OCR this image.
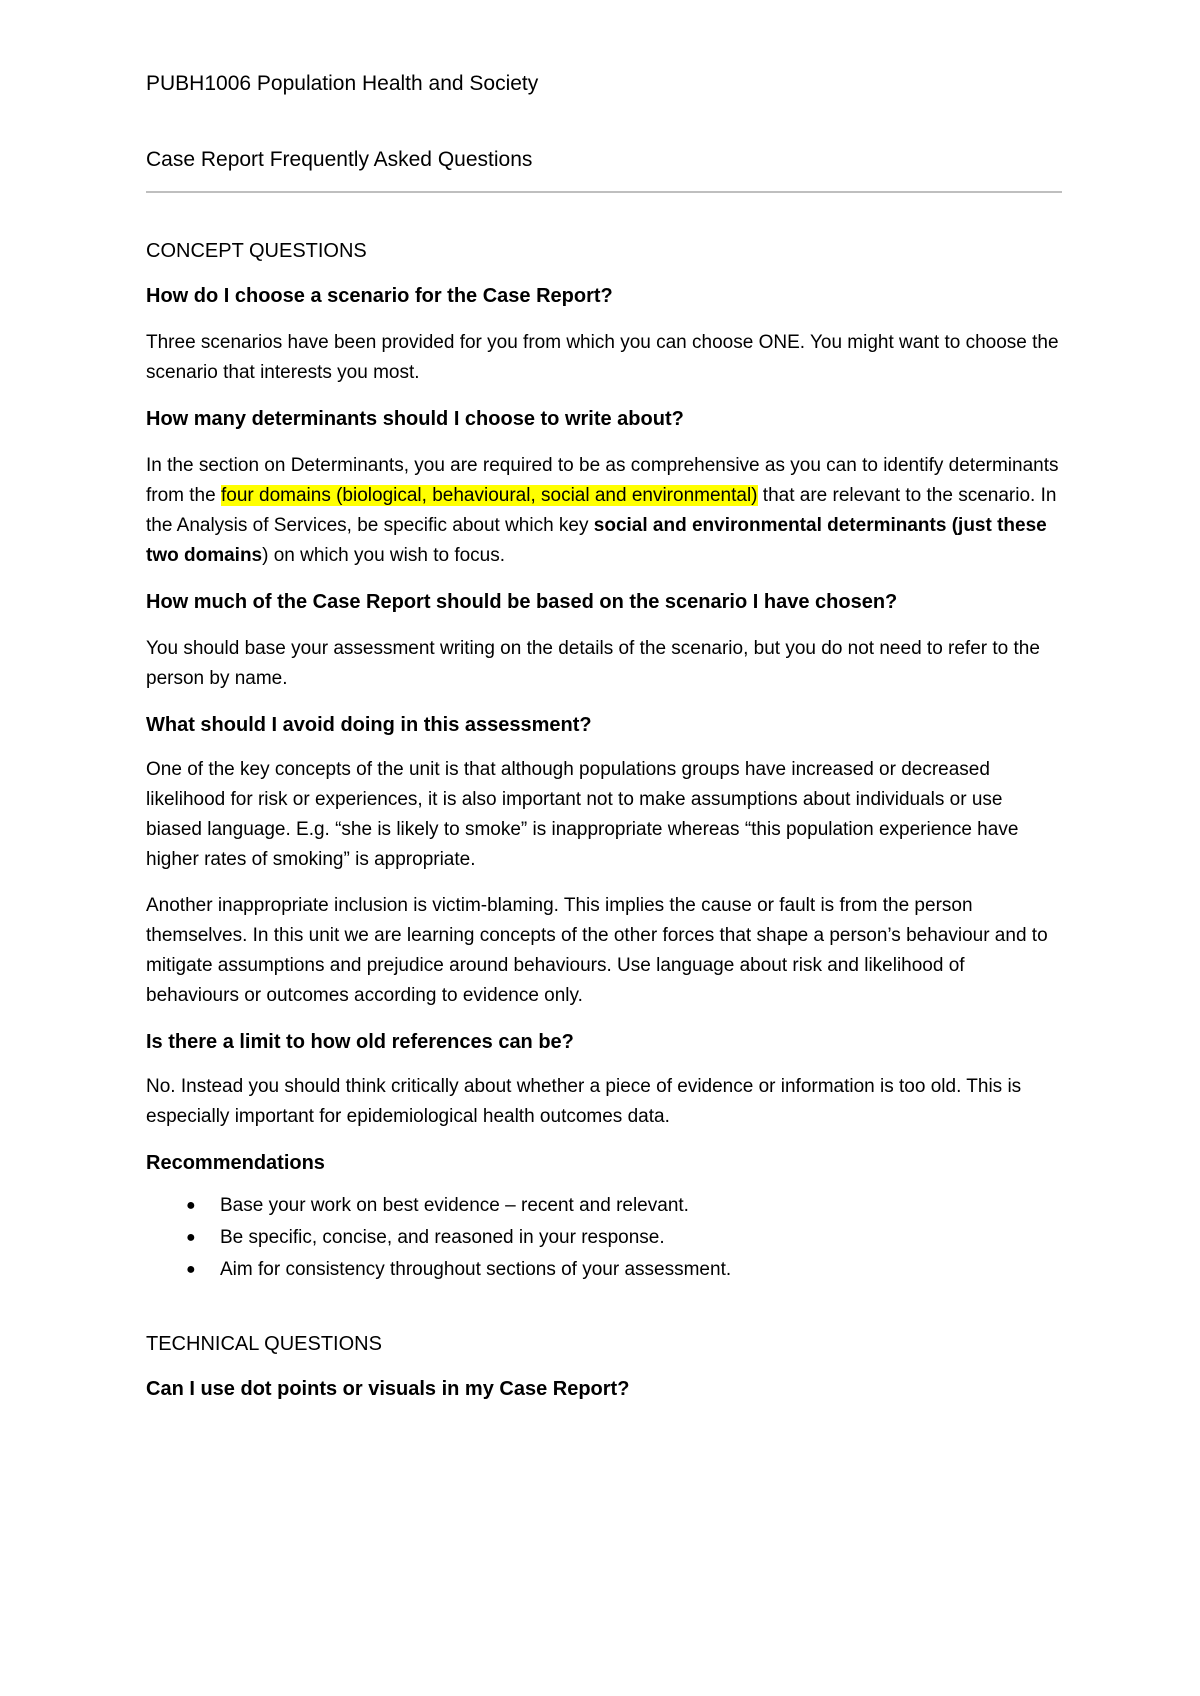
PUBH1006 Population Health and Society

Case Report Frequently Asked Questions

CONCEPT QUESTIONS

How do I choose a scenario for the Case Report?

Three scenarios have been provided for you from which you can choose ONE. You might want to choose the scenario that interests you most.

How many determinants should I choose to write about?

In the section on Determinants, you are required to be as comprehensive as you can to identify determinants from the four domains (biological, behavioural, social and environmental) that are relevant to the scenario. In the Analysis of Services, be specific about which key social and environmental determinants (just these two domains) on which you wish to focus.

How much of the Case Report should be based on the scenario I have chosen?

You should base your assessment writing on the details of the scenario, but you do not need to refer to the person by name.

What should I avoid doing in this assessment?

One of the key concepts of the unit is that although populations groups have increased or decreased likelihood for risk or experiences, it is also important not to make assumptions about individuals or use biased language. E.g. “she is likely to smoke” is inappropriate whereas “this population experience have higher rates of smoking” is appropriate.

Another inappropriate inclusion is victim-blaming. This implies the cause or fault is from the person themselves. In this unit we are learning concepts of the other forces that shape a person’s behaviour and to mitigate assumptions and prejudice around behaviours. Use language about risk and likelihood of behaviours or outcomes according to evidence only.

Is there a limit to how old references can be?

No. Instead you should think critically about whether a piece of evidence or information is too old. This is especially important for epidemiological health outcomes data.

Recommendations

● Base your work on best evidence – recent and relevant.
● Be specific, concise, and reasoned in your response.
● Aim for consistency throughout sections of your assessment.

TECHNICAL QUESTIONS

Can I use dot points or visuals in my Case Report?
